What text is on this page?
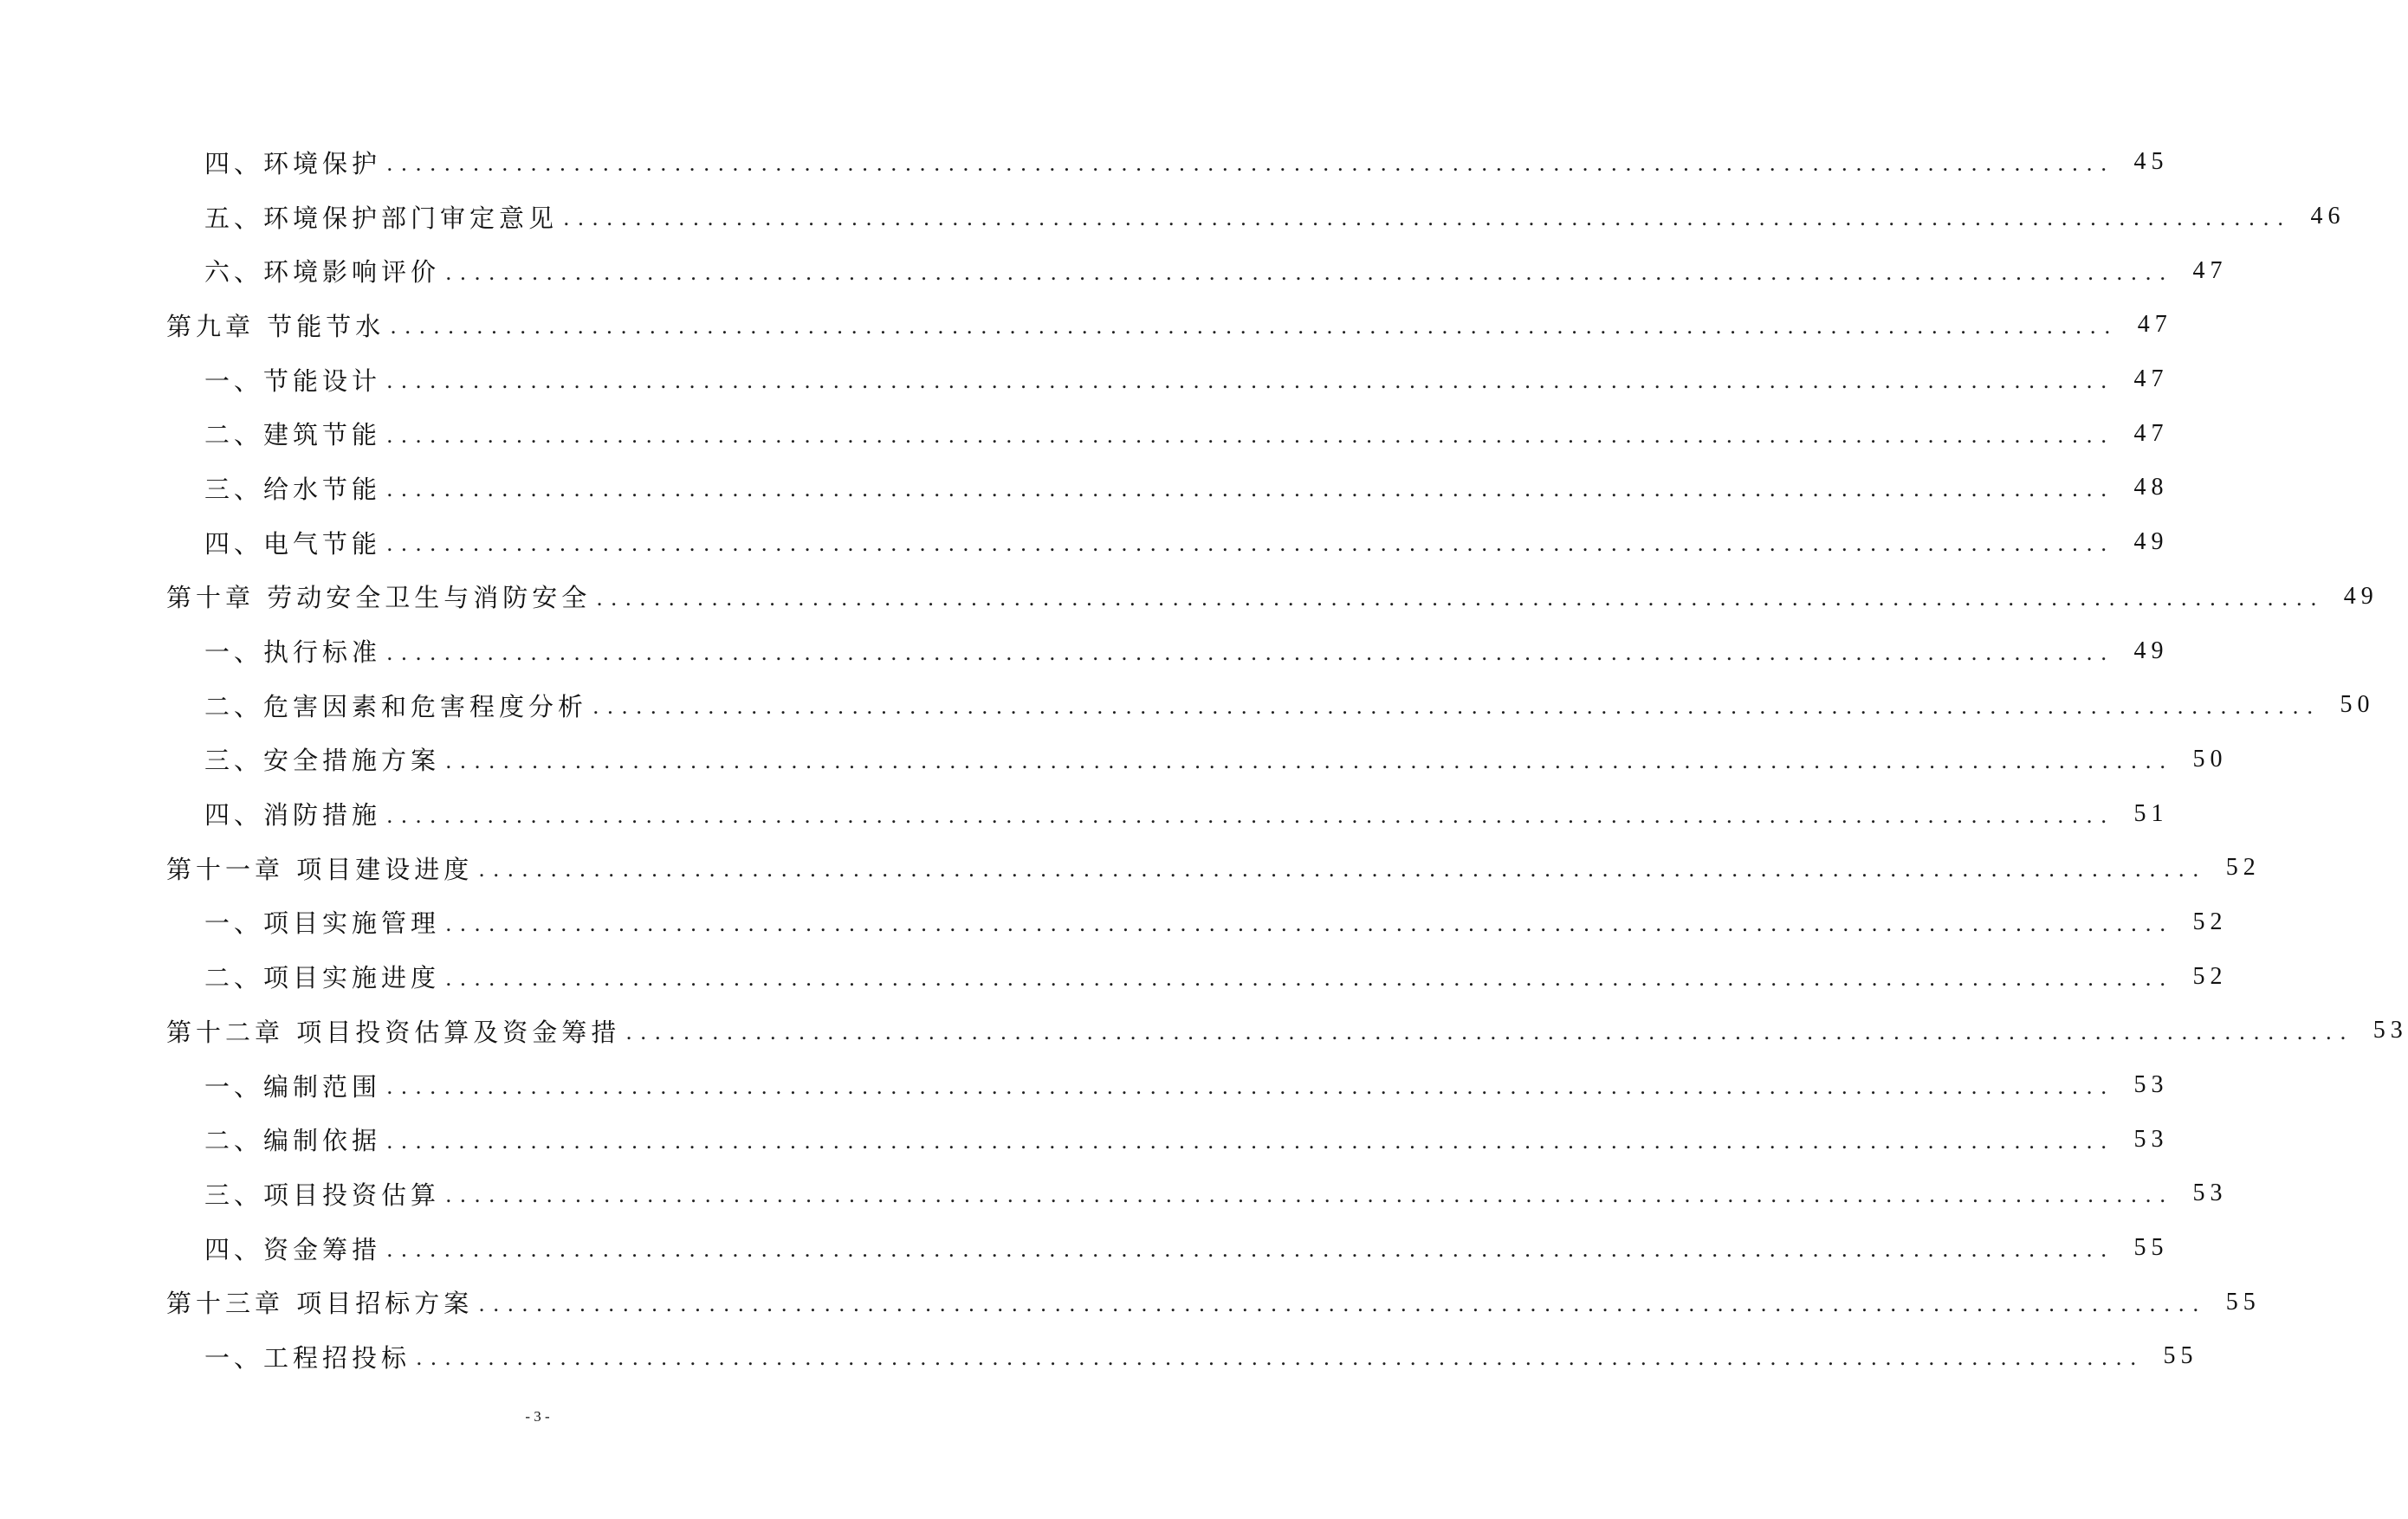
四、环境保护 ........................................................................................................................ 45
五、环境保护部门审定意见 ........................................................................................................................ 46
六、环境影响评价 ........................................................................................................................ 47
第九章 节能节水 ........................................................................................................................ 47
一、节能设计 ........................................................................................................................ 47
二、建筑节能 ........................................................................................................................ 47
三、给水节能 ........................................................................................................................ 48
四、电气节能 ........................................................................................................................ 49
第十章 劳动安全卫生与消防安全 ........................................................................................................................ 49
一、执行标准 ........................................................................................................................ 49
二、危害因素和危害程度分析 ........................................................................................................................ 50
三、安全措施方案 ........................................................................................................................ 50
四、消防措施 ........................................................................................................................ 51
第十一章 项目建设进度 ........................................................................................................................ 52
一、项目实施管理 ........................................................................................................................ 52
二、项目实施进度 ........................................................................................................................ 52
第十二章 项目投资估算及资金筹措 ........................................................................................................................ 53
一、编制范围 ........................................................................................................................ 53
二、编制依据 ........................................................................................................................ 53
三、项目投资估算 ........................................................................................................................ 53
四、资金筹措 ........................................................................................................................ 55
第十三章 项目招标方案 ........................................................................................................................ 55
一、工程招投标 ........................................................................................................................ 55
- 3 -
